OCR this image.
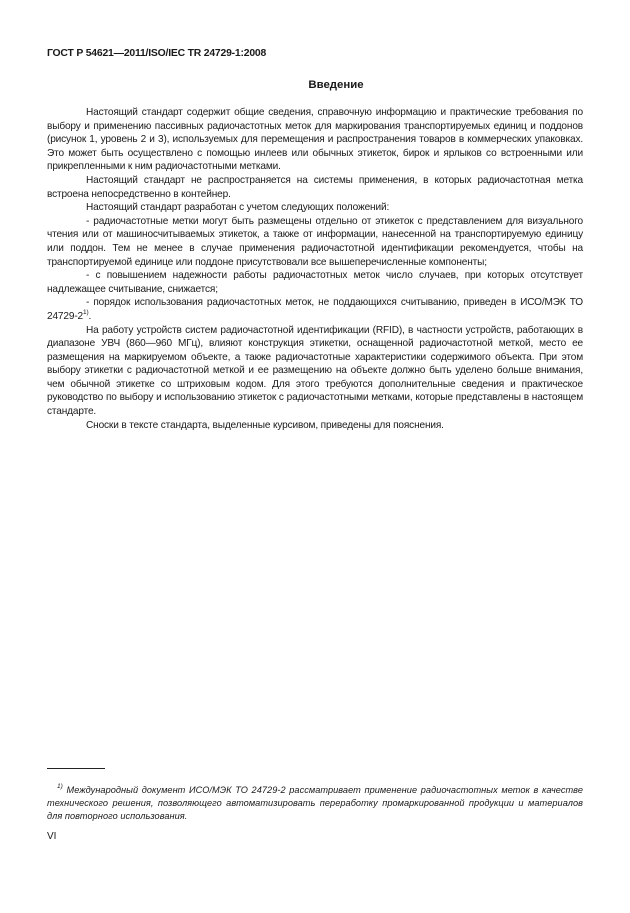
ГОСТ Р 54621—2011/ISO/IEC TR 24729-1:2008
Введение

Настоящий стандарт содержит общие сведения, справочную информацию и практические требования по выбору и применению пассивных радиочастотных меток для маркирования транспортируемых единиц и поддонов (рисунок 1, уровень 2 и 3), используемых для перемещения и распространения товаров в коммерческих упаковках. Это может быть осуществлено с помощью инлеев или обычных этикеток, бирок и ярлыков со встроенными или прикрепленными к ним радиочастотными метками.

Настоящий стандарт не распространяется на системы применения, в которых радиочастотная метка встроена непосредственно в контейнер.

Настоящий стандарт разработан с учетом следующих положений:

- радиочастотные метки могут быть размещены отдельно от этикеток с представлением для визуального чтения или от машиносчитываемых этикеток, а также от информации, нанесенной на транспортируемую единицу или поддон. Тем не менее в случае применения радиочастотной идентификации рекомендуется, чтобы на транспортируемой единице или поддоне присутствовали все вышеперечисленные компоненты;

- с повышением надежности работы радиочастотных меток число случаев, при которых отсутствует надлежащее считывание, снижается;

- порядок использования радиочастотных меток, не поддающихся считыванию, приведен в ИСО/МЭК ТО 24729-2$^{1)}$.

На работу устройств систем радиочастотной идентификации (RFID), в частности устройств, работающих в диапазоне УВЧ (860—960 МГц), влияют конструкция этикетки, оснащенной радиочастотной меткой, место ее размещения на маркируемом объекте, а также радиочастотные характеристики содержимого объекта. При этом выбору этикетки с радиочастотной меткой и ее размещению на объекте должно быть уделено больше внимания, чем обычной этикетке со штриховым кодом. Для этого требуются дополнительные сведения и практическое руководство по выбору и использованию этикеток с радиочастотными метками, которые представлены в настоящем стандарте.

Сноски в тексте стандарта, выделенные курсивом, приведены для пояснения.

$^{1)}$ Международный документ ИСО/МЭК ТО 24729-2 рассматривает применение радиочастотных меток в качестве технического решения, позволяющего автоматизировать переработку промаркированной продукции и материалов для повторного использования.

VI
